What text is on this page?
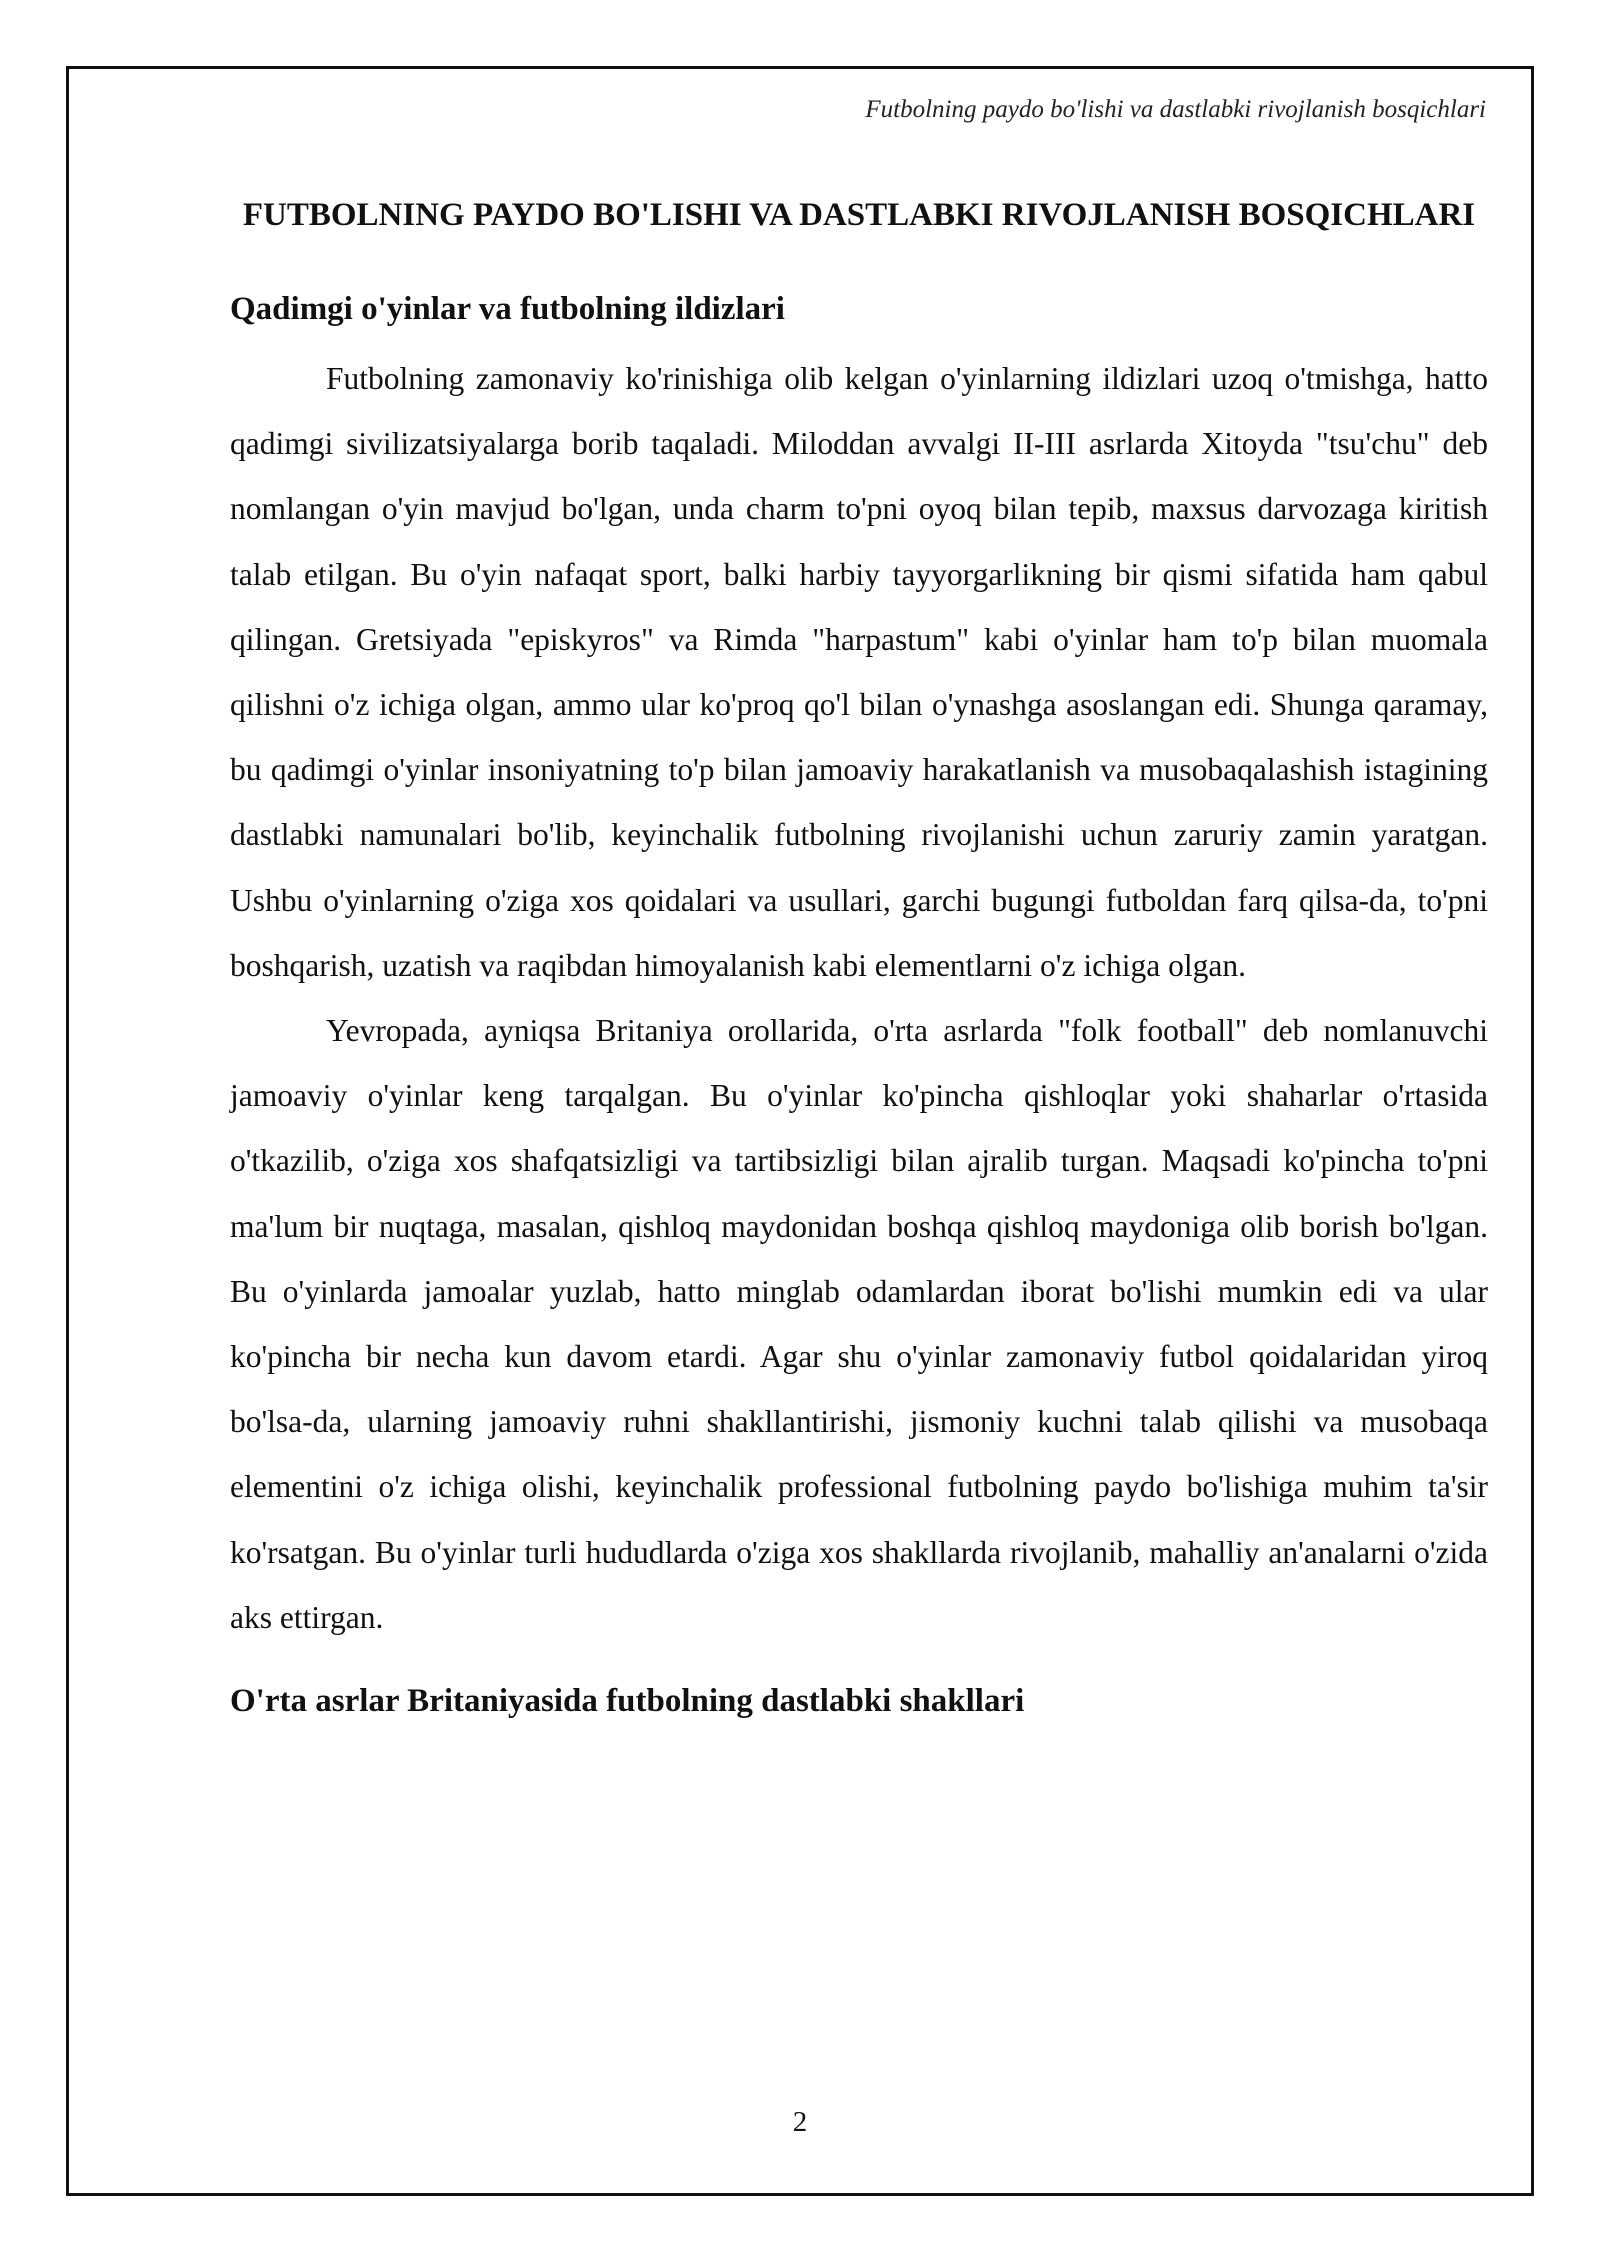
Futbolning paydo bo'lishi va dastlabki rivojlanish bosqichlari
FUTBOLNING PAYDO BO'LISHI VA DASTLABKI RIVOJLANISH BOSQICHLARI
Qadimgi o'yinlar va futbolning ildizlari

Futbolning zamonaviy ko'rinishiga olib kelgan o'yinlarning ildizlari uzoq o'tmishga, hatto qadimgi sivilizatsiyalarga borib taqaladi. Miloddan avvalgi II-III asrlarda Xitoyda "tsu'chu" deb nomlangan o'yin mavjud bo'lgan, unda charm to'pni oyoq bilan tepib, maxsus darvozaga kiritish talab etilgan. Bu o'yin nafaqat sport, balki harbiy tayyorgarlikning bir qismi sifatida ham qabul qilingan. Gretsiyada "episkyros" va Rimda "harpastum" kabi o'yinlar ham to'p bilan muomala qilishni o'z ichiga olgan, ammo ular ko'proq qo'l bilan o'ynashga asoslangan edi. Shunga qaramay, bu qadimgi o'yinlar insoniyatning to'p bilan jamoaviy harakatlanish va musobaqalashish istagining dastlabki namunalari bo'lib, keyinchalik futbolning rivojlanishi uchun zaruriy zamin yaratgan. Ushbu o'yinlarning o'ziga xos qoidalari va usullari, garchi bugungi futboldan farq qilsa-da, to'pni boshqarish, uzatish va raqibdan himoyalanish kabi elementlarni o'z ichiga olgan.

Yevropada, ayniqsa Britaniya orollarida, o'rta asrlarda "folk football" deb nomlanuvchi jamoaviy o'yinlar keng tarqalgan. Bu o'yinlar ko'pincha qishloqlar yoki shaharlar o'rtasida o'tkazilib, o'ziga xos shafqatsizligi va tartibsizligi bilan ajralib turgan. Maqsadi ko'pincha to'pni ma'lum bir nuqtaga, masalan, qishloq maydonidan boshqa qishloq maydoniga olib borish bo'lgan. Bu o'yinlarda jamoalar yuzlab, hatto minglab odamlardan iborat bo'lishi mumkin edi va ular ko'pincha bir necha kun davom etardi. Agar shu o'yinlar zamonaviy futbol qoidalaridan yiroq bo'lsa-da, ularning jamoaviy ruhni shakllantirishi, jismoniy kuchni talab qilishi va musobaqa elementini o'z ichiga olishi, keyinchalik professional futbolning paydo bo'lishiga muhim ta'sir ko'rsatgan. Bu o'yinlar turli hududlarda o'ziga xos shakllarda rivojlanib, mahalliy an'analarni o'zida aks ettirgan.

O'rta asrlar Britaniyasida futbolning dastlabki shakllari
2
